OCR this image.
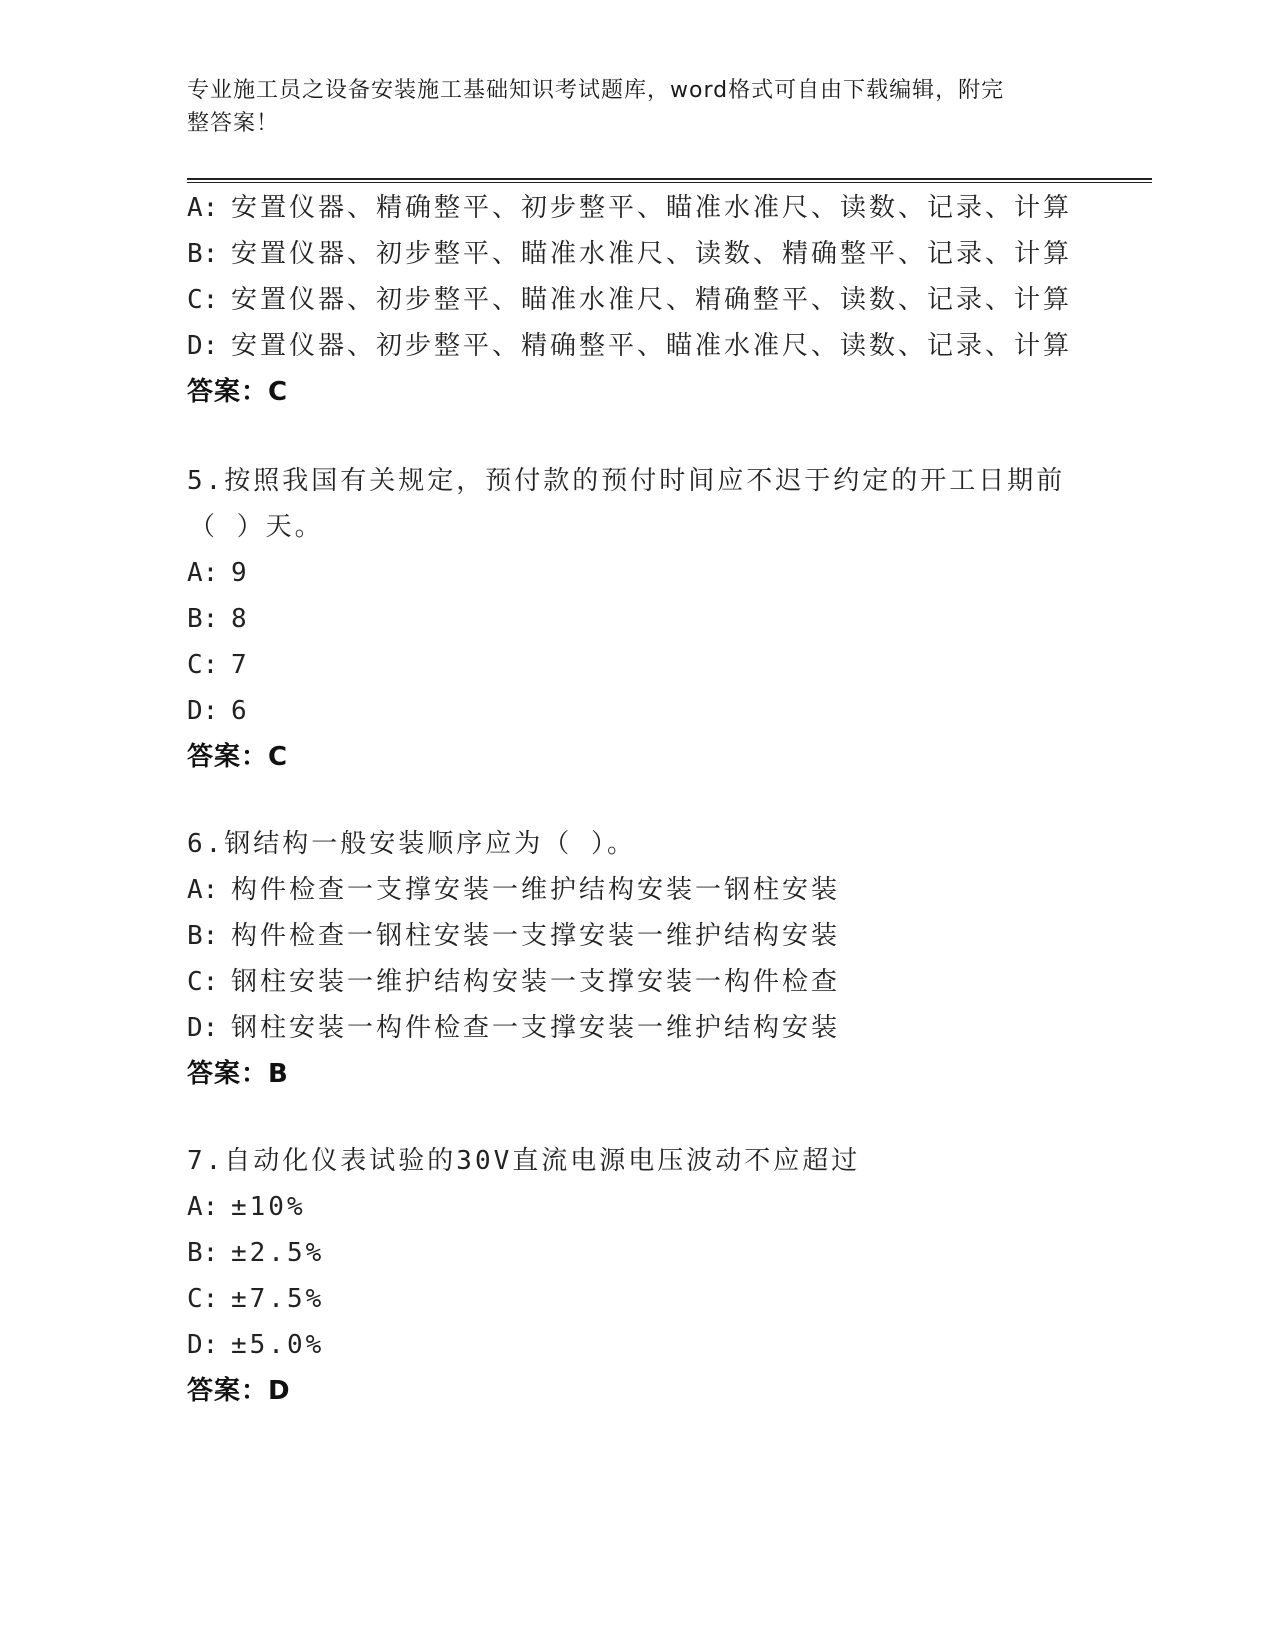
专业施工员之设备安装施工基础知识考试题库，word格式可自由下载编辑，附完
整答案！
A: 安置仪器、精确整平、初步整平、瞄准水准尺、读数、记录、计算
B: 安置仪器、初步整平、瞄准水准尺、读数、精确整平、记录、计算
C: 安置仪器、初步整平、瞄准水准尺、精确整平、读数、记录、计算
D: 安置仪器、初步整平、精确整平、瞄准水准尺、读数、记录、计算
答案：C
5.按照我国有关规定，预付款的预付时间应不迟于约定的开工日期前
（ ）天。
A: 9
B: 8
C: 7
D: 6
答案：C
6.钢结构一般安装顺序应为（ ）。
A: 构件检查一支撑安装一维护结构安装一钢柱安装
B: 构件检查一钢柱安装一支撑安装一维护结构安装
C: 钢柱安装一维护结构安装一支撑安装一构件检查
D: 钢柱安装一构件检查一支撑安装一维护结构安装
答案：B
7.自动化仪表试验的30V直流电源电压波动不应超过
A: ±10%
B: ±2.5%
C: ±7.5%
D: ±5.0%
答案：D
